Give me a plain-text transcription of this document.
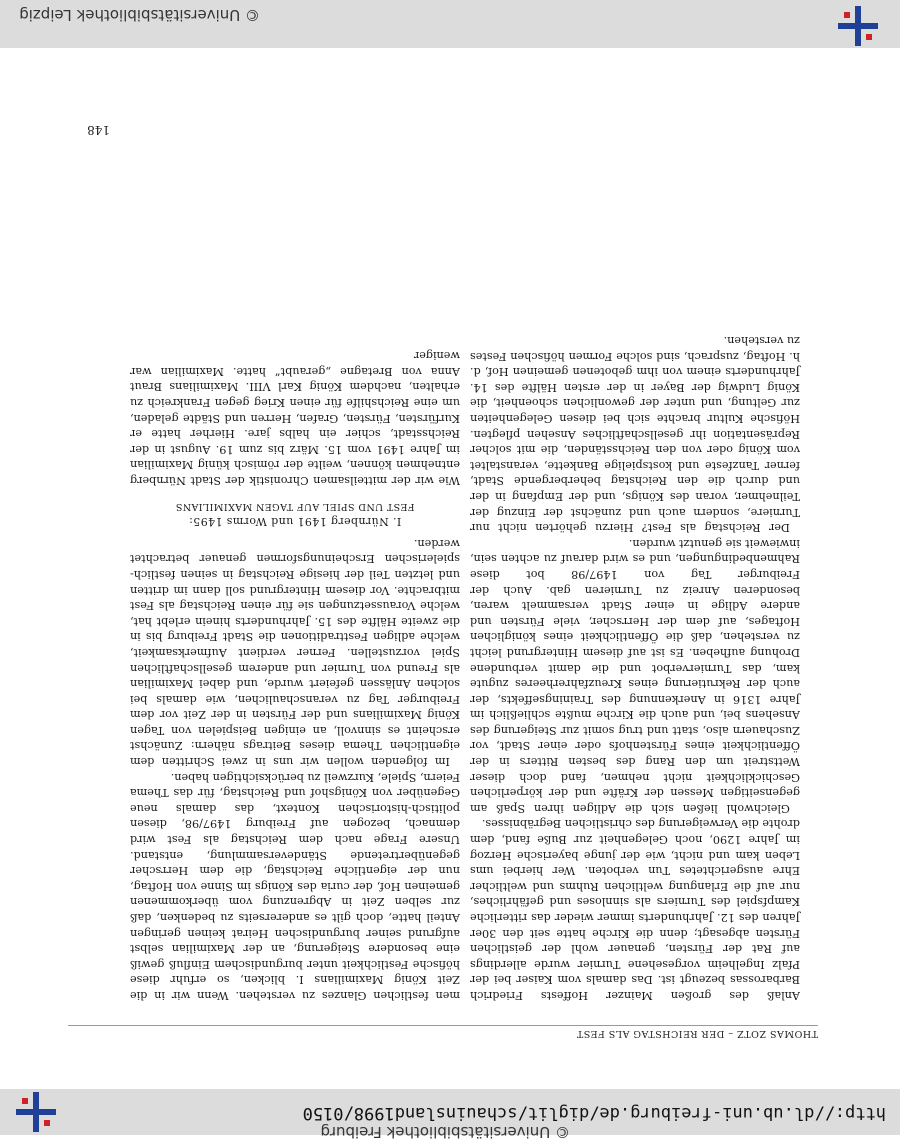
© Universitätsbibliothek Freiburg
http://dl.ub.uni-freiburg.de/diglit/schauinsland1998/0150
THOMAS ZOTZ – DER REICHSTAG ALS FEST

Anlaß des großen Mainzer Hoffests Friedrich Barbarossas bezeugt ist. Das damals vom Kaiser bei der Pfalz Ingelheim vorgesehene Turnier wurde allerdings auf Rat der Fürsten, genauer wohl der geistlichen Fürsten abgesagt; denn die Kirche hatte seit den 30er Jahren des 12. Jahrhunderts immer wieder das ritterliche Kampfspiel des Turniers als sinnloses und gefährliches, nur auf die Erlangung weltlichen Ruhms und weltlicher Ehre ausgerichtetes Tun verboten. Wer hierbei ums Leben kam und nicht, wie der junge bayerische Herzog im Jahre 1290, noch Gelegenheit zur Buße fand, dem drohte die Verweigerung des christlichen Begräbnisses.

Gleichwohl ließen sich die Adligen ihren Spaß am gegenseitigen Messen der Kräfte und der körperlichen Geschicklichkeit nicht nehmen, fand doch dieser Wettstreit um den Rang des besten Ritters in der Öffentlichkeit eines Fürstenhofs oder einer Stadt, vor Zuschauern also, statt und trug somit zur Steigerung des Ansehens bei, und auch die Kirche mußte schließlich im Jahre 1316 in Anerkennung des Trainingseffekts, der auch der Rekrutierung eines Kreuzfahrerheeres zugute kam, das Turnierverbot und die damit verbundene Drohung aufheben. Es ist auf diesem Hintergrund leicht zu verstehen, daß die Öffentlichkeit eines königlichen Hoftages, auf dem der Herrscher, viele Fürsten und andere Adlige in einer Stadt versammelt waren, besonderen Anreiz zu Turnieren gab. Auch der Freiburger Tag von 1497/98 bot diese Rahmenbedingungen, und es wird darauf zu achten sein, inwieweit sie genutzt wurden.

Der Reichstag als Fest? Hierzu gehörten nicht nur Turniere, sondern auch und zunächst der Einzug der Teilnehmer, voran des Königs, und der Empfang in der und durch die den Reichstag beherbergende Stadt, ferner Tanzfeste und kostspielige Bankette, veranstaltet vom König oder von den Reichsständen, die mit solcher Repräsentation ihr gesellschaftliches Ansehen pflegten. Höfische Kultur brachte sich bei diesen Gelegenheiten zur Geltung, und unter der gewonlichen schoenheit, die König Ludwig der Bayer in der ersten Hälfte des 14. Jahrhunderts einem von ihm gebotenen gemeinen Hof, d. h. Hoftag, zusprach, sind solche Formen höfischen Festes zu verstehen.

men festlichen Glanzes zu verstehen. Wenn wir in die Zeit König Maximilians I. blicken, so erfuhr diese höfische Festlichkeit unter burgundischem Einfluß gewiß eine besondere Steigerung, an der Maximilian selbst aufgrund seiner burgundischen Heirat keinen geringen Anteil hatte, doch gilt es andererseits zu bedenken, daß zur selben Zeit in Abgrenzung vom überkommenen gemeinen Hof, der curia des Königs im Sinne von Hoftag, nun der eigentliche Reichstag, die dem Herrscher gegenübertretende Ständeversammlung, entstand. Unsere Frage nach dem Reichstag als Fest wird demnach, bezogen auf Freiburg 1497/98, diesen politisch-historischen Kontext, das damals neue Gegenüber von Königshof und Reichstag, für das Thema Feiern, Spiele, Kurzweil zu berücksichtigen haben.

Im folgenden wollen wir uns in zwei Schritten dem eigentlichen Thema dieses Beitrags nähern: Zunächst erscheint es sinnvoll, an einigen Beispielen von Tagen König Maximilians und der Fürsten in der Zeit vor dem Freiburger Tag zu veranschaulichen, wie damals bei solchen Anlässen gefeiert wurde, und dabei Maximilian als Freund von Turnier und anderem gesellschaftlichen Spiel vorzustellen. Ferner verdient Aufmerksamkeit, welche adligen Festtraditionen die Stadt Freiburg bis in die zweite Hälfte des 15. Jahrhunderts hinein erlebt hat, welche Voraussetzungen sie für einen Reichstag als Fest mitbrachte. Vor diesem Hintergrund soll dann im dritten und letzten Teil der hiesige Reichstag in seinen festlich-spielerischen Erscheinungsformen genauer betrachtet werden.

I. Nürnberg 1491 und Worms 1495:
FEST UND SPIEL AUF TAGEN MAXIMILIANS

Wie wir der mitteilsamen Chronistik der Stadt Nürnberg entnehmen können, weilte der römisch künig Maximilian im Jahre 1491 vom 15. März bis zum 19. August in der Reichsstadt, schier ein halbs jare. Hierher hatte er Kurfürsten, Fürsten, Grafen, Herren und Städte geladen, um eine Reichshilfe für einen Krieg gegen Frankreich zu erhalten, nachdem König Karl VIII. Maximilians Braut Anna von Bretagne „geraubt“ hatte. Maximilian war weniger

148
© Universitätsbibliothek Leipzig
